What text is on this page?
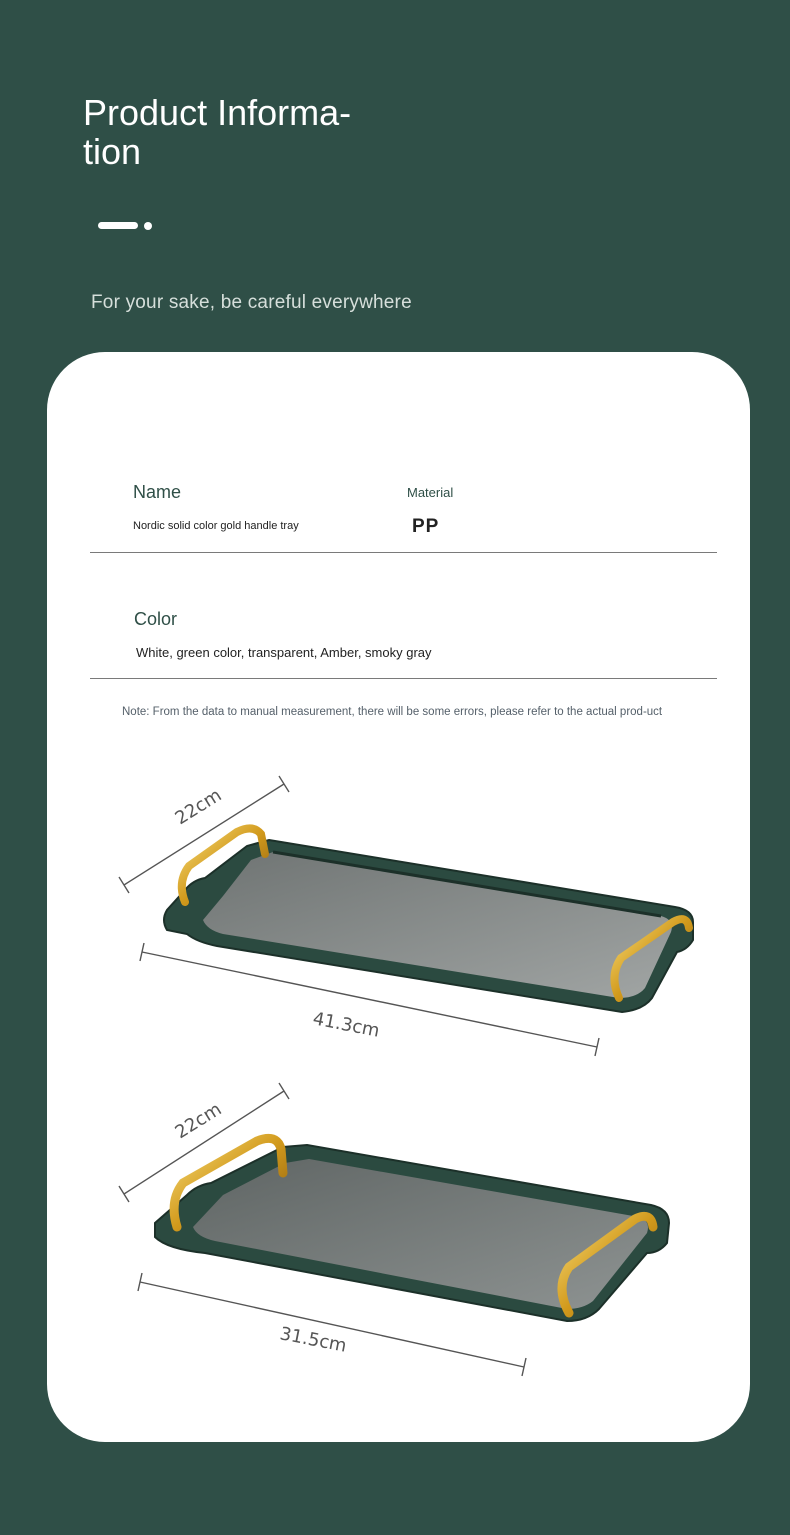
Product Informa-
tion
For your sake, be careful everywhere
Name
Nordic solid color gold handle tray
Material
PP
Color
White, green color, transparent, Amber, smoky gray
Note: From the data to manual measurement, there will be some errors, please refer to the actual prod-uct
22cm
41.3cm
22cm
31.5cm
